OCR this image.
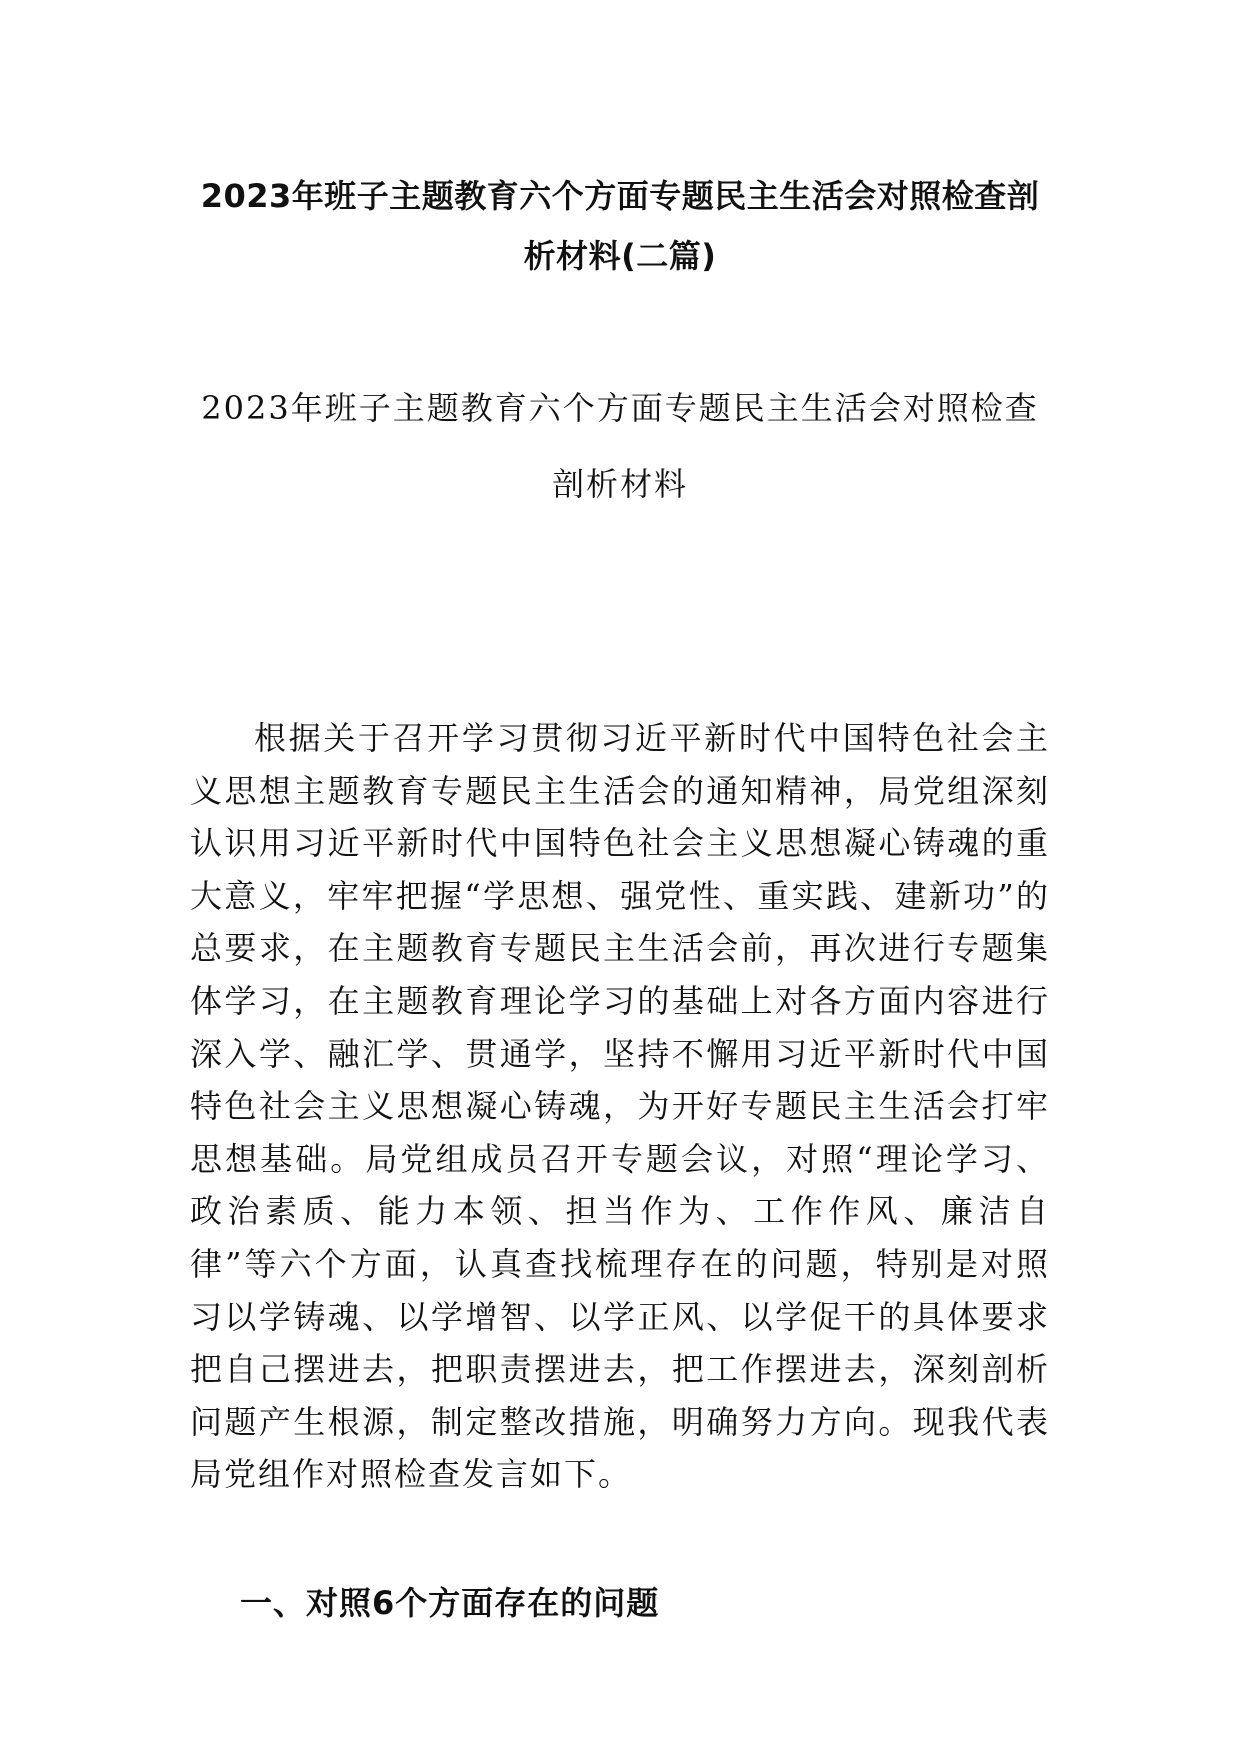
2023年班子主题教育六个方面专题民主生活会对照检查剖析材料(二篇)
2023年班子主题教育六个方面专题民主生活会对照检查剖析材料

根据关于召开学习贯彻习近平新时代中国特色社会主义思想主题教育专题民主生活会的通知精神，局党组深刻认识用习近平新时代中国特色社会主义思想凝心铸魂的重大意义，牢牢把握“学思想、强党性、重实践、建新功”的总要求，在主题教育专题民主生活会前，再次进行专题集体学习，在主题教育理论学习的基础上对各方面内容进行深入学、融汇学、贯通学，坚持不懈用习近平新时代中国特色社会主义思想凝心铸魂，为开好专题民主生活会打牢思想基础。局党组成员召开专题会议，对照“理论学习、政治素质、能力本领、担当作为、工作作风、廉洁自律”等六个方面，认真查找梳理存在的问题，特别是对照习以学铸魂、以学增智、以学正风、以学促干的具体要求把自己摆进去，把职责摆进去，把工作摆进去，深刻剖析问题产生根源，制定整改措施，明确努力方向。现我代表局党组作对照检查发言如下。

一、对照6个方面存在的问题
